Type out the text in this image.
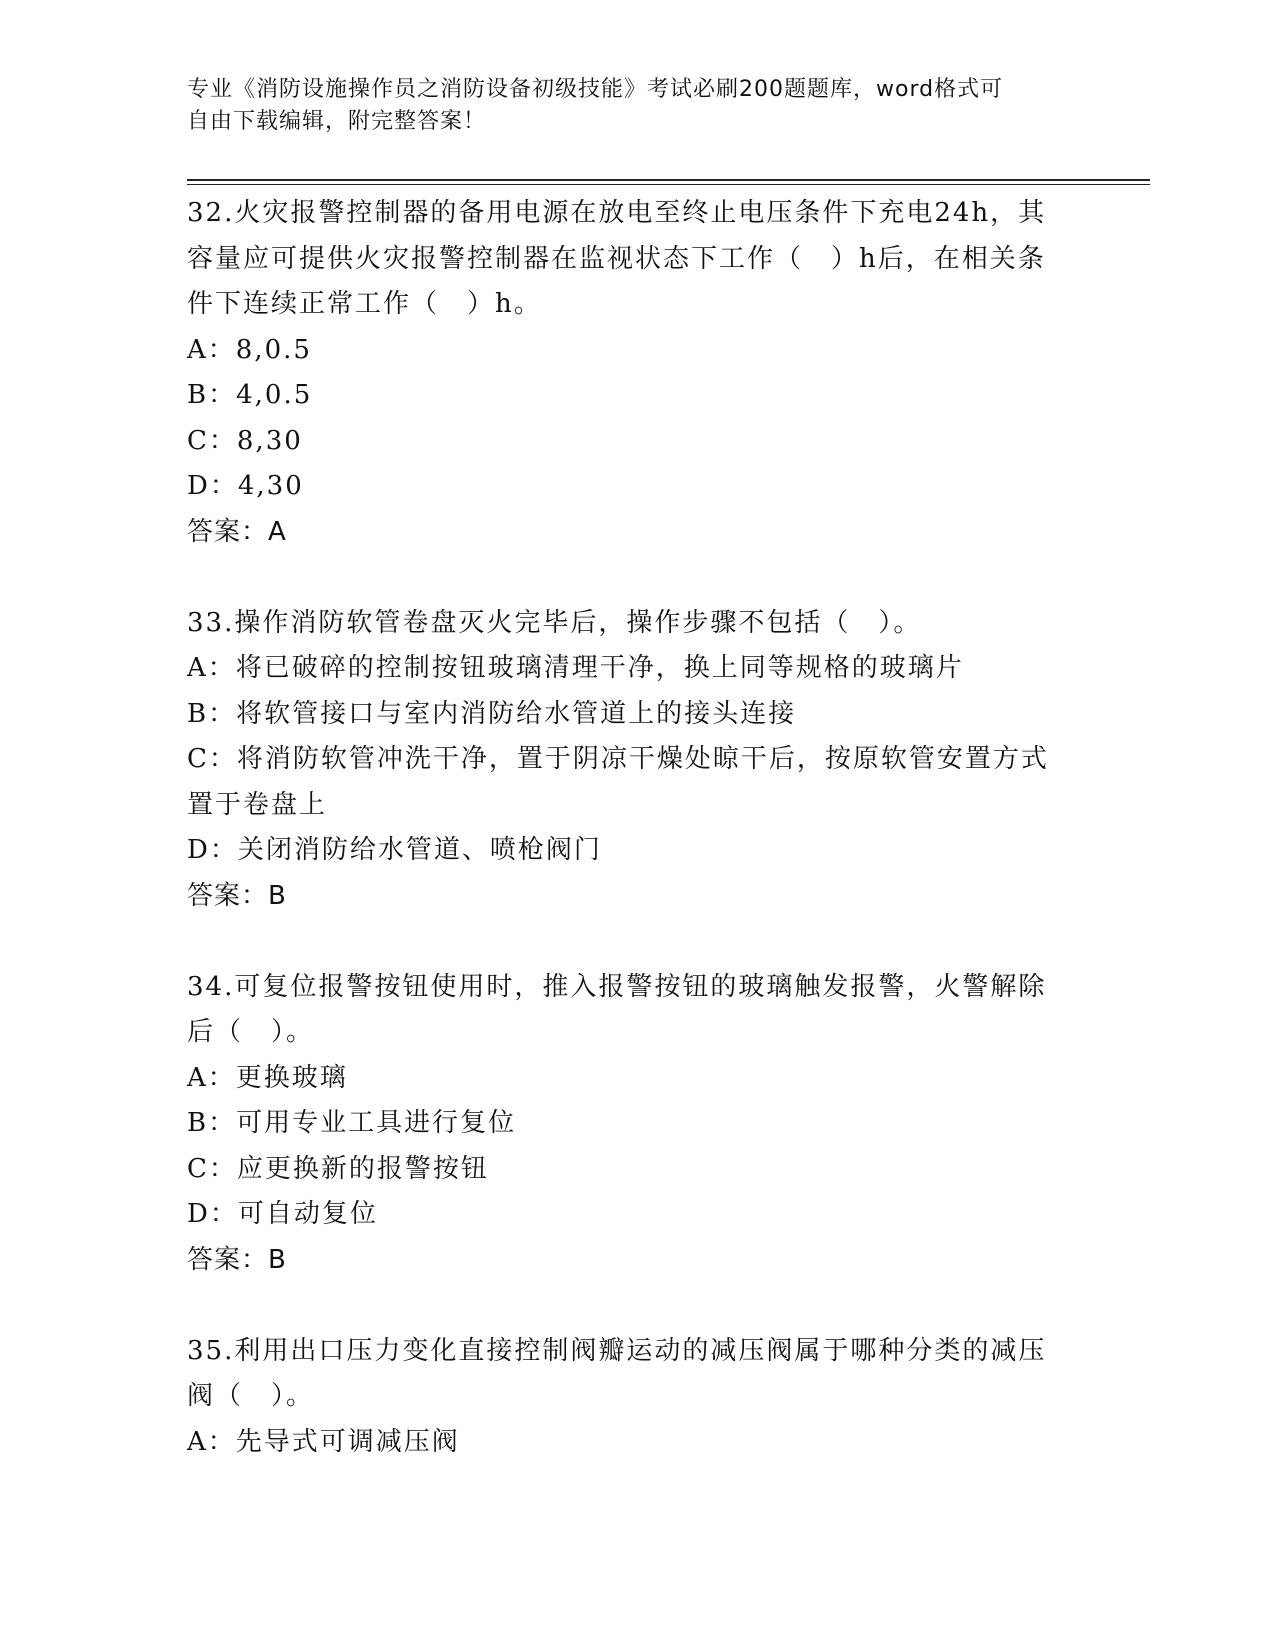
专业《消防设施操作员之消防设备初级技能》考试必刷200题题库，word格式可
自由下载编辑，附完整答案！
32.火灾报警控制器的备用电源在放电至终止电压条件下充电24h，其
容量应可提供火灾报警控制器在监视状态下工作（　）h后，在相关条
件下连续正常工作（　）h。
A：8,0.5
B：4,0.5
C：8,30
D：4,30
答案：A
33.操作消防软管卷盘灭火完毕后，操作步骤不包括（　）。
A：将已破碎的控制按钮玻璃清理干净，换上同等规格的玻璃片
B：将软管接口与室内消防给水管道上的接头连接
C：将消防软管冲洗干净，置于阴凉干燥处晾干后，按原软管安置方式
置于卷盘上
D：关闭消防给水管道、喷枪阀门
答案：B
34.可复位报警按钮使用时，推入报警按钮的玻璃触发报警，火警解除
后（　）。
A：更换玻璃
B：可用专业工具进行复位
C：应更换新的报警按钮
D：可自动复位
答案：B
35.利用出口压力变化直接控制阀瓣运动的减压阀属于哪种分类的减压
阀（　）。
A：先导式可调减压阀
